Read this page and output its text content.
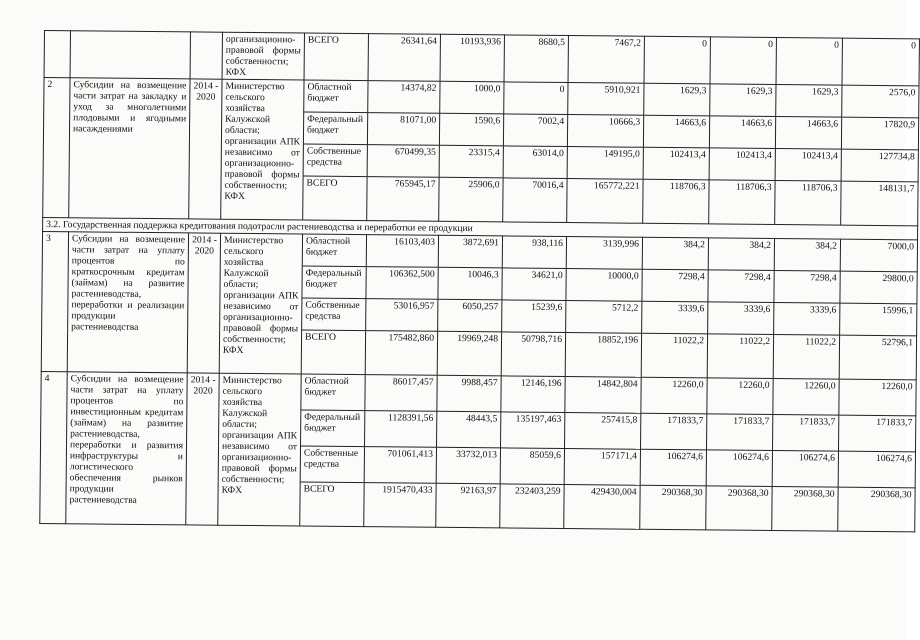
			организационно-правовой формы собственности; КФХ	ВСЕГО	26341,64	10193,936	8680,5	7467,2	0	0	0	0
2	Субсидии на возмещение части затрат на закладку и уход за многолетними плодовыми и ягодными насаждениями	2014 - 2020	Министерство сельского хозяйства Калужской области; организации АПК независимо от организационно-правовой формы собственности; КФХ	Областной бюджет	14374,82	1000,0	0	5910,921	1629,3	1629,3	1629,3	2576,0
				Федеральный бюджет	81071,00	1590,6	7002,4	10666,3	14663,6	14663,6	14663,6	17820,9
				Собственные средства	670499,35	23315,4	63014,0	149195,0	102413,4	102413,4	102413,4	127734,8
				ВСЕГО	765945,17	25906,0	70016,4	165772,221	118706,3	118706,3	118706,3	148131,7
3.2. Государственная поддержка кредитования подотрасли растениеводства и переработки ее продукции												
3	Субсидии на возмещение части затрат на уплату процентов по краткосрочным кредитам (займам) на развитие растениеводства, переработки и реализации продукции растениеводства	2014 - 2020	Министерство сельского хозяйства Калужской области; организации АПК независимо от организационно-правовой формы собственности; КФХ	Областной бюджет	16103,403	3872,691	938,116	3139,996	384,2	384,2	384,2	7000,0
				Федеральный бюджет	106362,500	10046,3	34621,0	10000,0	7298,4	7298,4	7298,4	29800,0
				Собственные средства	53016,957	6050,257	15239,6	5712,2	3339,6	3339,6	3339,6	15996,1
				ВСЕГО	175482,860	19969,248	50798,716	18852,196	11022,2	11022,2	11022,2	52796,1
4	Субсидии на возмещение части затрат на уплату процентов по инвестиционным кредитам (займам) на развитие растениеводства, переработки и развития инфраструктуры и логистического обеспечения рынков продукции растениеводства	2014 - 2020	Министерство сельского хозяйства Калужской области; организации АПК независимо от организационно-правовой формы собственности; КФХ	Областной бюджет	86017,457	9988,457	12146,196	14842,804	12260,0	12260,0	12260,0	12260,0
				Федеральный бюджет	1128391,56	48443,5	135197,463	257415,8	171833,7	171833,7	171833,7	171833,7
				Собственные средства	701061,413	33732,013	85059,6	157171,4	106274,6	106274,6	106274,6	106274,6
				ВСЕГО	1915470,433	92163,97	232403,259	429430,004	290368,30	290368,30	290368,30	290368,30
